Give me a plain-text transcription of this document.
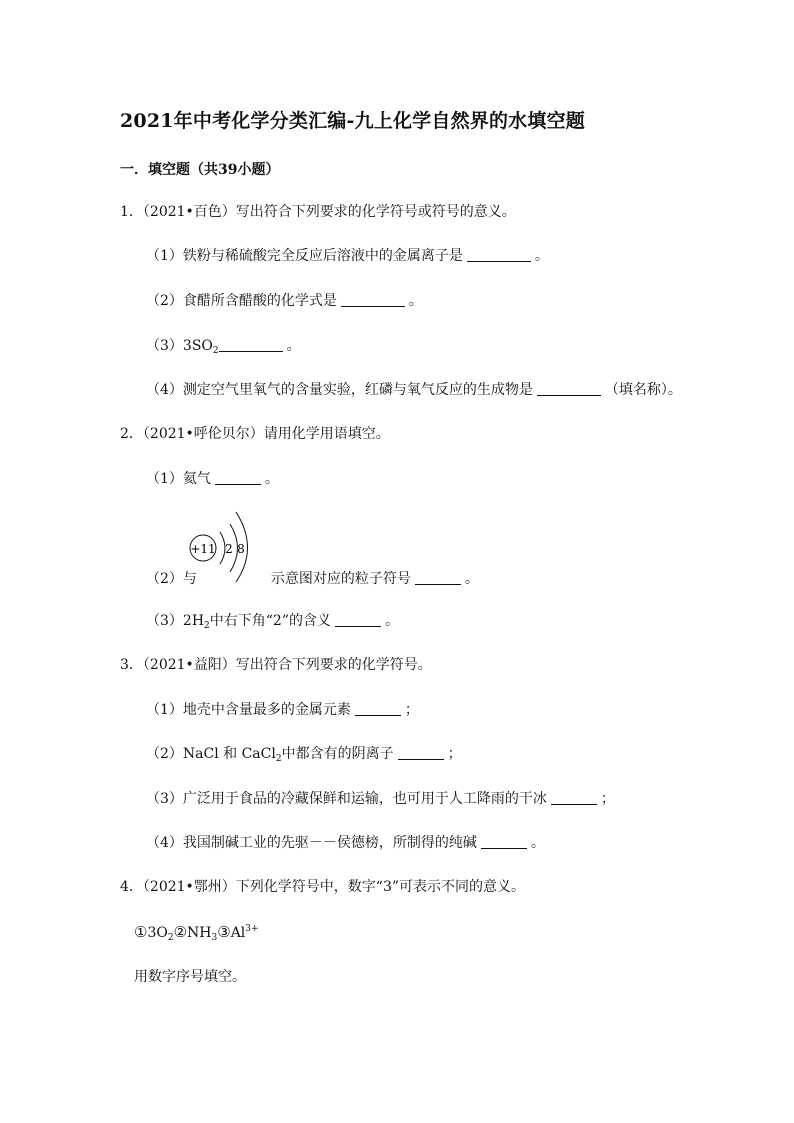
2021年中考化学分类汇编-九上化学自然界的水填空题
一．填空题（共39小题）
1．（2021•百色）写出符合下列要求的化学符号或符号的意义。
（1）铁粉与稀硫酸完全反应后溶液中的金属离子是	。
（2）食醋所含醋酸的化学式是	。
$(3)3SO_2$	。
（4）测定空气里氧气的含量实验，红磷与氧气反应的生成物是	（填名称）。
2．（2021•呼伦贝尔）请用化学用语填空。
（1）氦气	。
+11 2 8
（2）与	示意图对应的粒子符号	。
$(3)2H_2$中右下角“2”的含义	。
3．（2021•益阳）写出符合下列要求的化学符号。
（1）地壳中含量最多的金属元素	；
（2）NaCl 和 CaCl$_2$中都含有的阴离子	；
（3）广泛用于食品的冷藏保鲜和运输，也可用于人工降雨的干冰	；
（4）我国制碱工业的先驱－－侯德榜，所制得的纯碱	。
4．（2021•鄂州）下列化学符号中，数字“3”可表示不同的意义。
$①3O_2②NH_3③Al^{3+}$
用数字序号填空。
